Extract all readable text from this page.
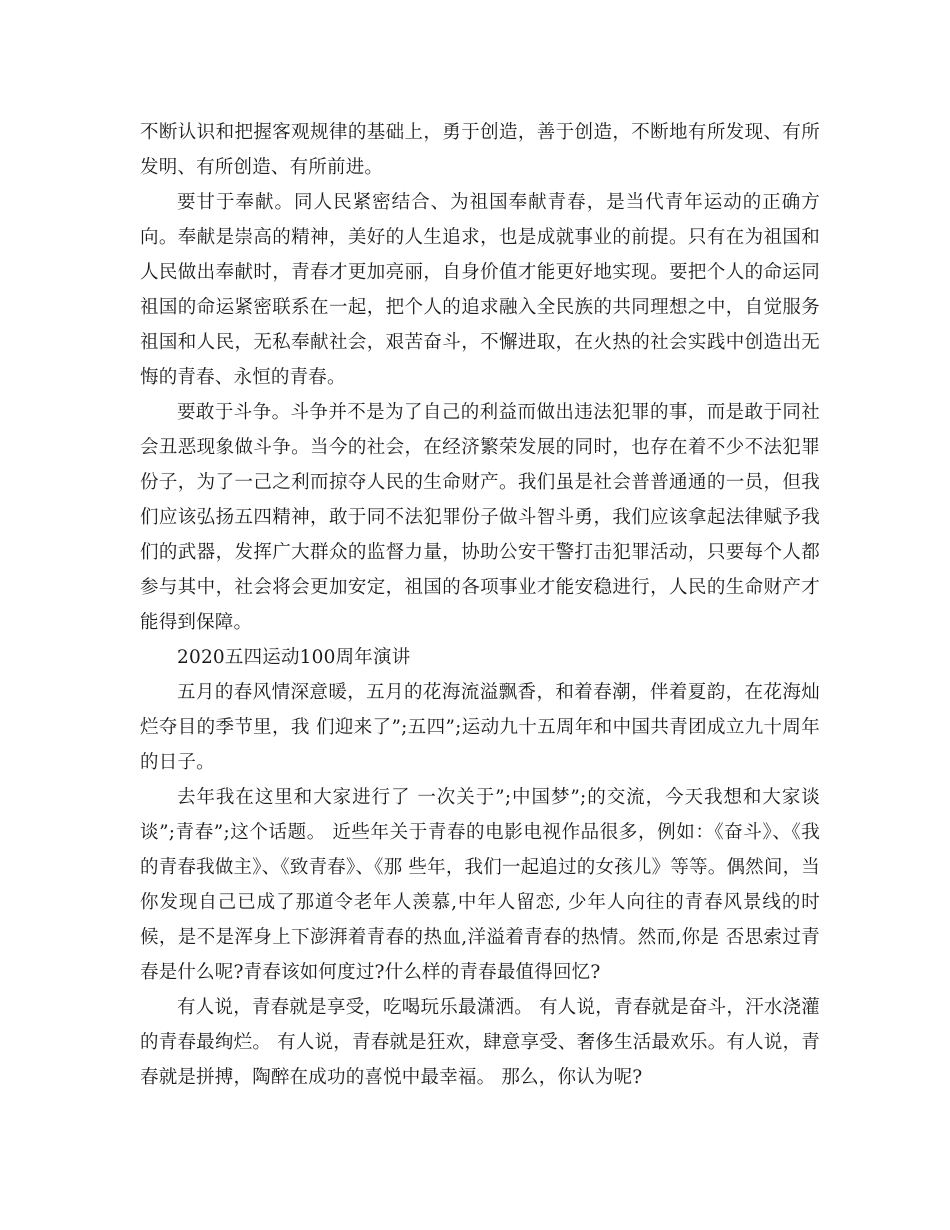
不断认识和把握客观规律的基础上，勇于创造，善于创造，不断地有所发现、有所发明、有所创造、有所前进。

要甘于奉献。同人民紧密结合、为祖国奉献青春，是当代青年运动的正确方向。奉献是崇高的精神，美好的人生追求，也是成就事业的前提。只有在为祖国和人民做出奉献时，青春才更加亮丽，自身价值才能更好地实现。要把个人的命运同祖国的命运紧密联系在一起，把个人的追求融入全民族的共同理想之中，自觉服务祖国和人民，无私奉献社会，艰苦奋斗，不懈进取，在火热的社会实践中创造出无悔的青春、永恒的青春。

要敢于斗争。斗争并不是为了自己的利益而做出违法犯罪的事，而是敢于同社会丑恶现象做斗争。当今的社会，在经济繁荣发展的同时，也存在着不少不法犯罪份子，为了一己之利而掠夺人民的生命财产。我们虽是社会普普通通的一员，但我们应该弘扬五四精神，敢于同不法犯罪份子做斗智斗勇，我们应该拿起法律赋予我们的武器，发挥广大群众的监督力量，协助公安干警打击犯罪活动，只要每个人都参与其中，社会将会更加安定，祖国的各项事业才能安稳进行，人民的生命财产才能得到保障。

2020五四运动100周年演讲

五月的春风情深意暖，五月的花海流溢飘香，和着春潮，伴着夏韵，在花海灿烂夺目的季节里，我 们迎来了”;五四”;运动九十五周年和中国共青团成立九十周年的日子。

去年我在这里和大家进行了 一次关于”;中国梦”;的交流，今天我想和大家谈谈”;青春”;这个话题。 近些年关于青春的电影电视作品很多，例如：《奋斗》、《我的青春我做主》、《致青春》、《那 些年，我们一起追过的女孩儿》等等。偶然间，当你发现自己已成了那道令老年人羡慕,中年人留恋, 少年人向往的青春风景线的时候，是不是浑身上下澎湃着青春的热血,洋溢着青春的热情。然而,你是 否思索过青春是什么呢?青春该如何度过?什么样的青春最值得回忆?

有人说，青春就是享受，吃喝玩乐最潇洒。 有人说，青春就是奋斗，汗水浇灌的青春最绚烂。 有人说，青春就是狂欢，肆意享受、奢侈生活最欢乐。有人说，青春就是拼搏，陶醉在成功的喜悦中最幸福。 那么，你认为呢?
